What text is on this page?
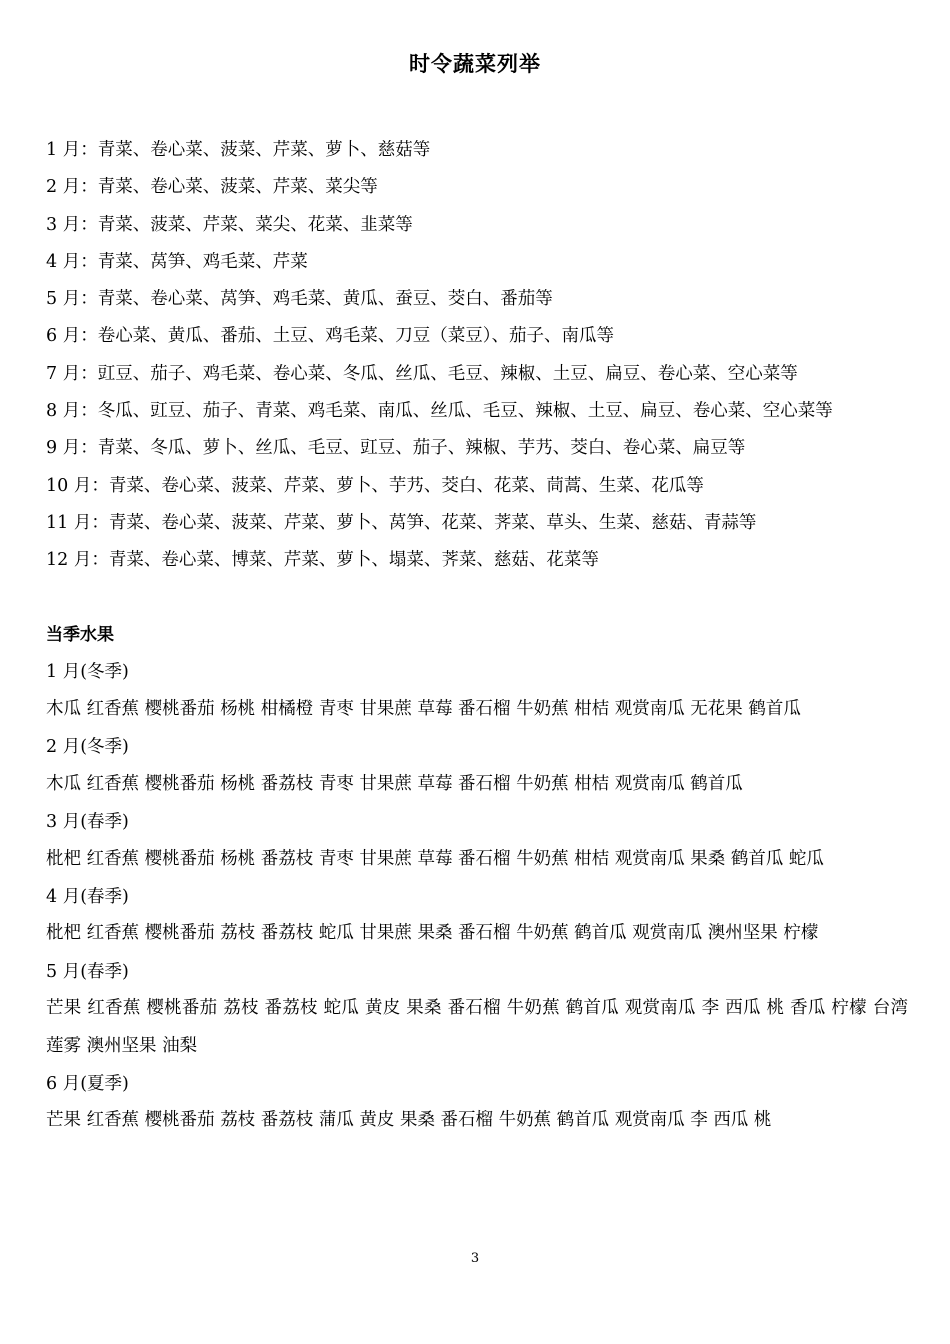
时令蔬菜列举
1 月：青菜、卷心菜、菠菜、芹菜、萝卜、慈菇等
2 月：青菜、卷心菜、菠菜、芹菜、菜尖等
3 月：青菜、菠菜、芹菜、菜尖、花菜、韭菜等
4 月：青菜、莴笋、鸡毛菜、芹菜
5 月：青菜、卷心菜、莴笋、鸡毛菜、黄瓜、蚕豆、茭白、番茄等
6 月：卷心菜、黄瓜、番茄、土豆、鸡毛菜、刀豆（菜豆）、茄子、南瓜等
7 月：豇豆、茄子、鸡毛菜、卷心菜、冬瓜、丝瓜、毛豆、辣椒、土豆、扁豆、卷心菜、空心菜等
8 月：冬瓜、豇豆、茄子、青菜、鸡毛菜、南瓜、丝瓜、毛豆、辣椒、土豆、扁豆、卷心菜、空心菜等
9 月：青菜、冬瓜、萝卜、丝瓜、毛豆、豇豆、茄子、辣椒、芋艿、茭白、卷心菜、扁豆等
10 月：青菜、卷心菜、菠菜、芹菜、萝卜、芋艿、茭白、花菜、茼蒿、生菜、花瓜等
11 月：青菜、卷心菜、菠菜、芹菜、萝卜、莴笋、花菜、荠菜、草头、生菜、慈菇、青蒜等
12 月：青菜、卷心菜、博菜、芹菜、萝卜、塌菜、荠菜、慈菇、花菜等
当季水果
1 月(冬季)
木瓜 红香蕉 樱桃番茄 杨桃 柑橘橙 青枣 甘果蔗 草莓 番石榴 牛奶蕉 柑桔 观赏南瓜 无花果 鹤首瓜
2 月(冬季)
木瓜 红香蕉 樱桃番茄 杨桃 番荔枝 青枣 甘果蔗 草莓 番石榴 牛奶蕉 柑桔 观赏南瓜 鹤首瓜
3 月(春季)
枇杷 红香蕉 樱桃番茄 杨桃 番荔枝 青枣 甘果蔗 草莓 番石榴 牛奶蕉 柑桔 观赏南瓜 果桑 鹤首瓜 蛇瓜
4 月(春季)
枇杷 红香蕉 樱桃番茄 荔枝 番荔枝 蛇瓜 甘果蔗 果桑 番石榴 牛奶蕉 鹤首瓜 观赏南瓜 澳州坚果 柠檬
5 月(春季)
芒果 红香蕉 樱桃番茄 荔枝 番荔枝 蛇瓜 黄皮 果桑 番石榴 牛奶蕉 鹤首瓜 观赏南瓜 李 西瓜 桃 香瓜 柠檬 台湾莲雾 澳州坚果 油梨
6 月(夏季)
芒果 红香蕉 樱桃番茄 荔枝 番荔枝 蒲瓜 黄皮 果桑 番石榴 牛奶蕉 鹤首瓜 观赏南瓜 李 西瓜 桃
3
